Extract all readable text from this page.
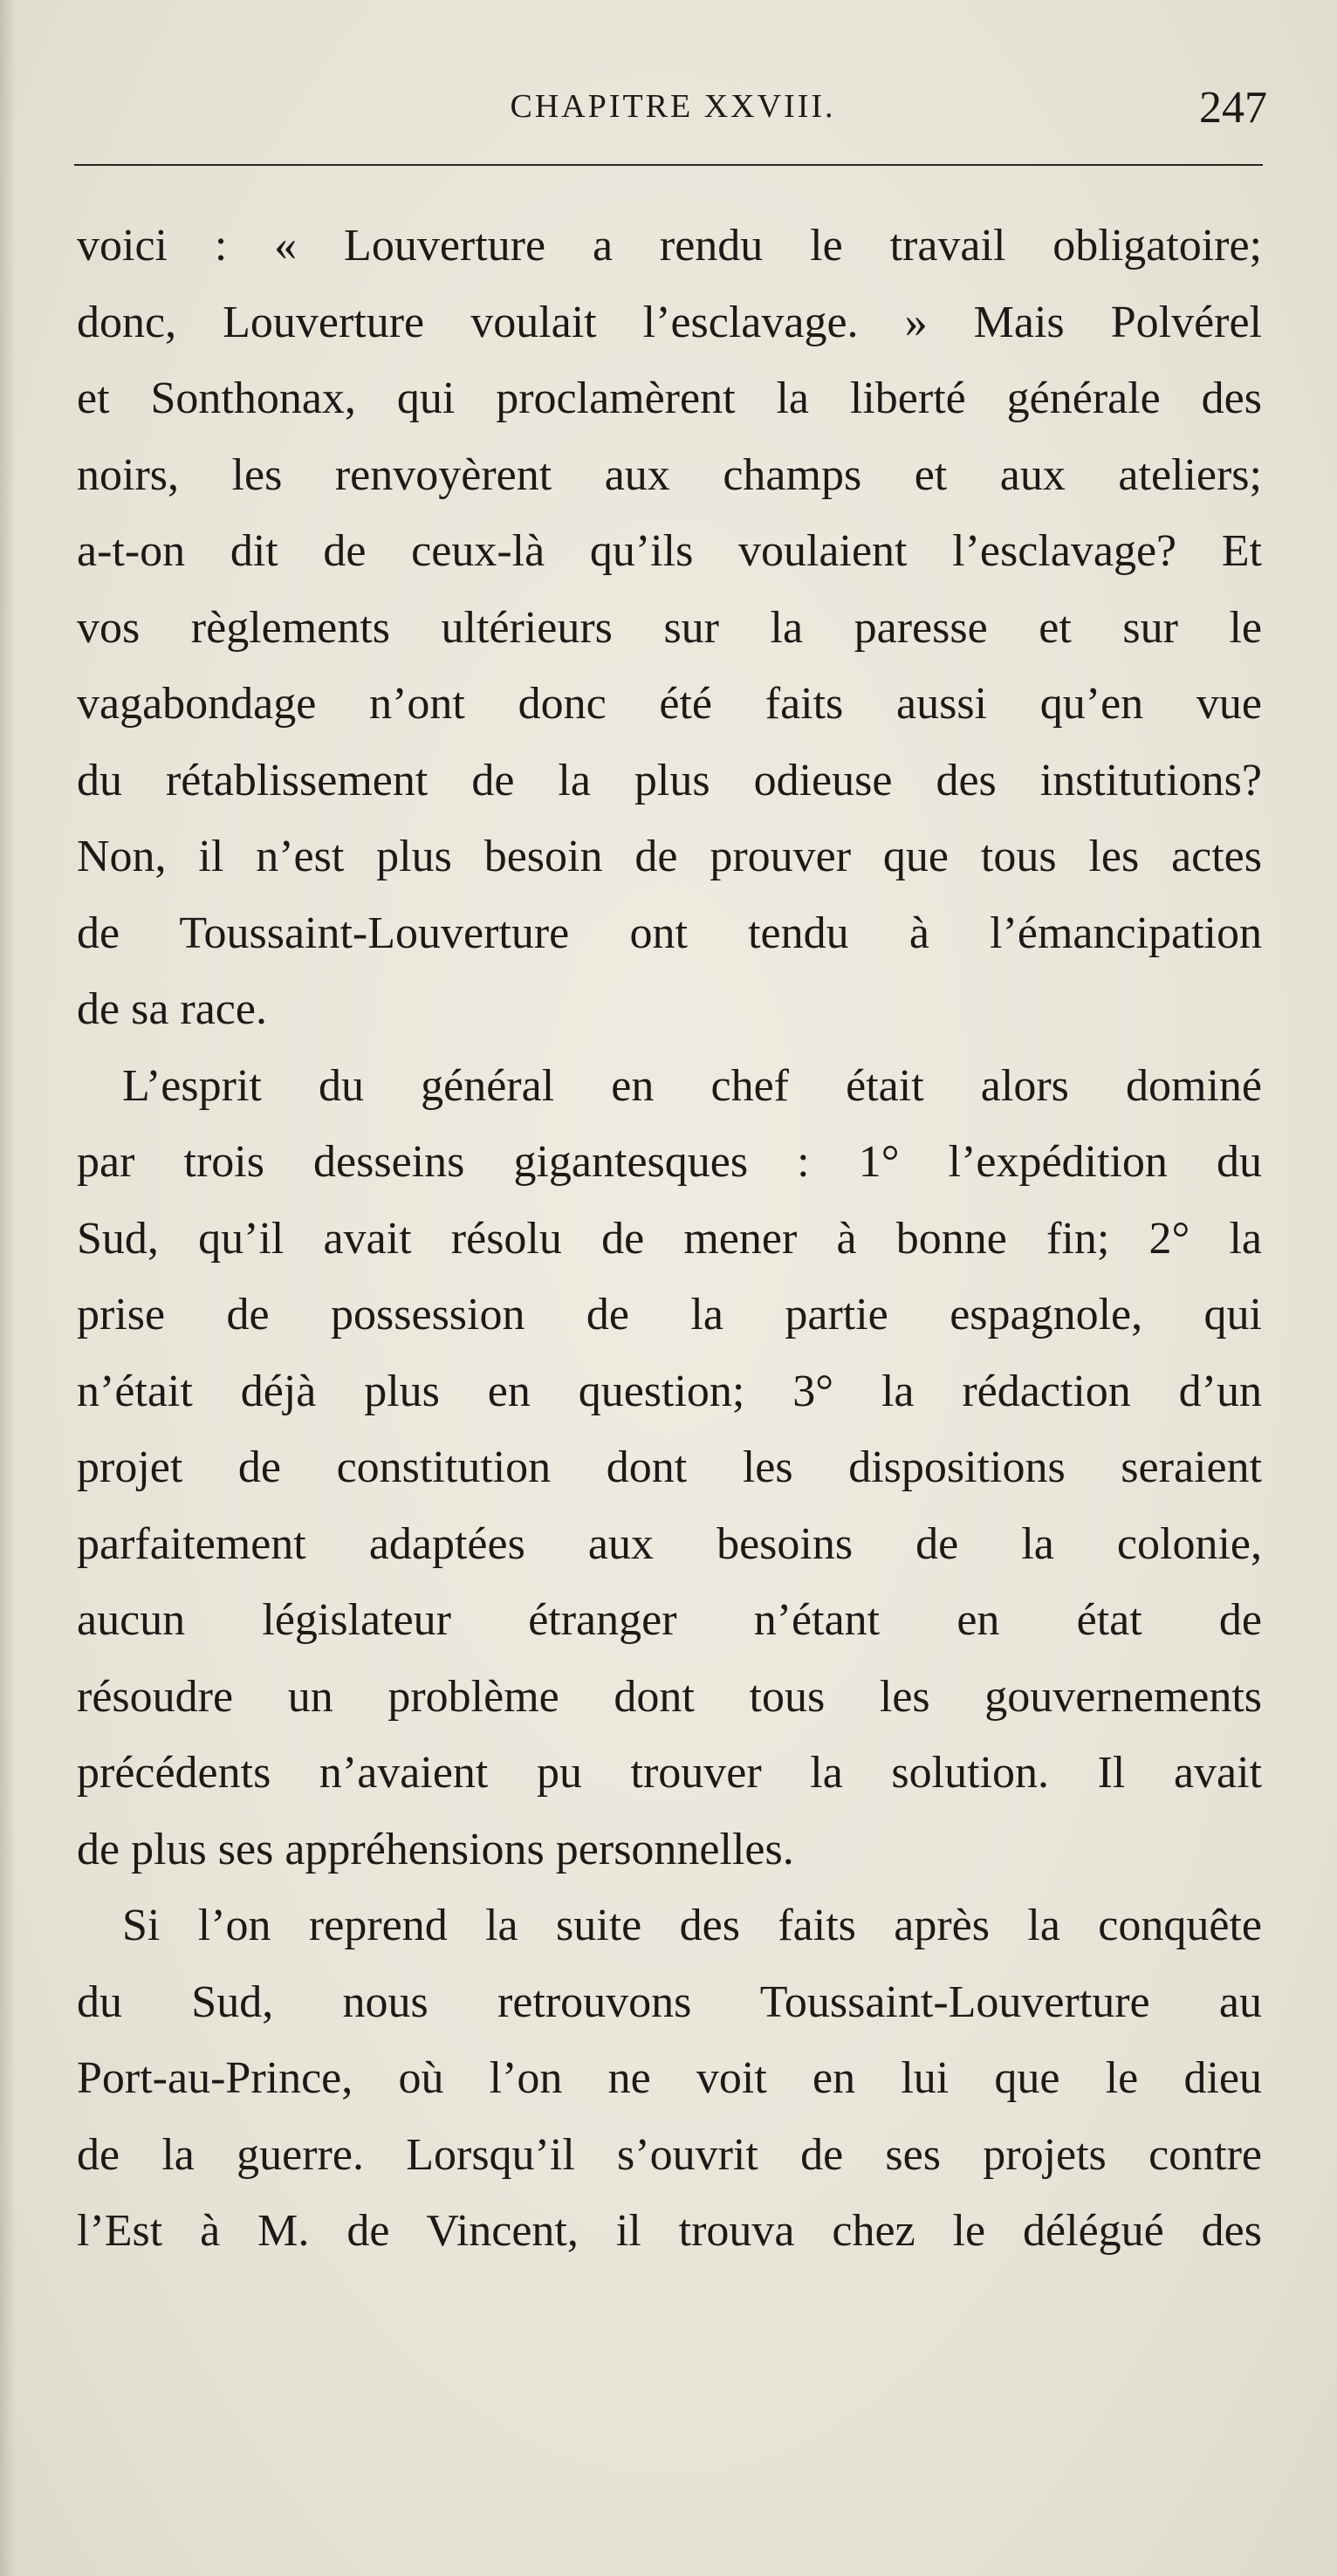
CHAPITRE XXVIII.	247
voici : « Louverture a rendu le travail obligatoire;
donc, Louverture voulait l’esclavage. » Mais Polvérel
et Sonthonax, qui proclamèrent la liberté générale des
noirs, les renvoyèrent aux champs et aux ateliers;
a-t-on dit de ceux-là qu’ils voulaient l’esclavage? Et
vos règlements ultérieurs sur la paresse et sur le
vagabondage n’ont donc été faits aussi qu’en vue
du rétablissement de la plus odieuse des institutions?
Non, il n’est plus besoin de prouver que tous les actes
de Toussaint-Louverture ont tendu à l’émancipation
de sa race.
L’esprit du général en chef était alors dominé
par trois desseins gigantesques : 1° l’expédition du
Sud, qu’il avait résolu de mener à bonne fin; 2° la
prise de possession de la partie espagnole, qui
n’était déjà plus en question; 3° la rédaction d’un
projet de constitution dont les dispositions seraient
parfaitement adaptées aux besoins de la colonie,
aucun législateur étranger n’étant en état de
résoudre un problème dont tous les gouvernements
précédents n’avaient pu trouver la solution. Il avait
de plus ses appréhensions personnelles.
Si l’on reprend la suite des faits après la conquête
du Sud, nous retrouvons Toussaint-Louverture au
Port-au-Prince, où l’on ne voit en lui que le dieu
de la guerre. Lorsqu’il s’ouvrit de ses projets contre
l’Est à M. de Vincent, il trouva chez le délégué des
